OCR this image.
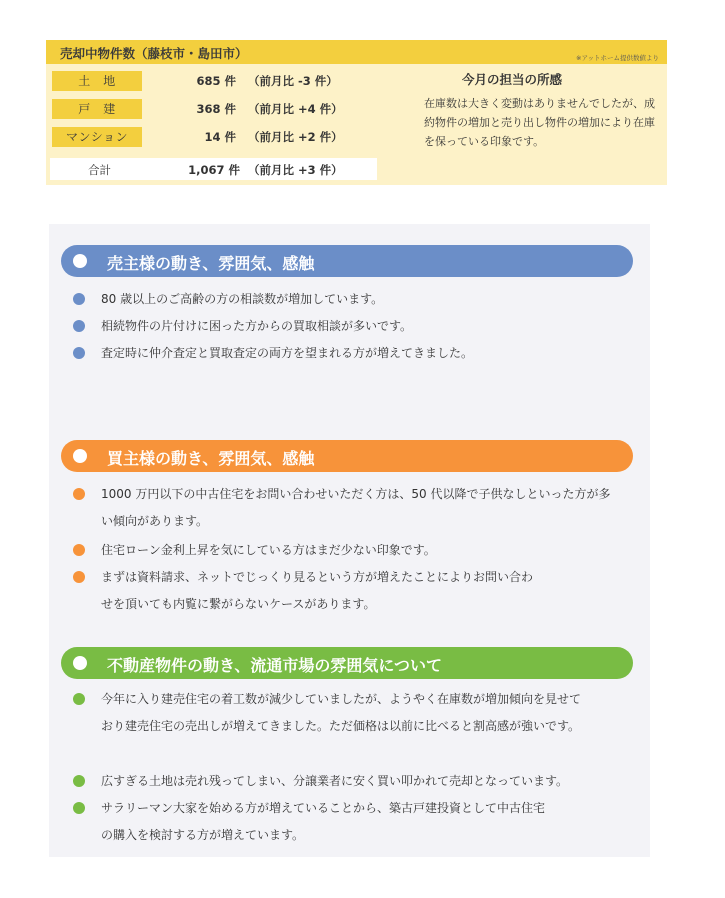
売却中物件数（藤枝市・島田市）	※アットホーム提供数値より
土　地	685 件 （前月比 -3 件）
戸　建	368 件 （前月比 +4 件）
マンション	14 件 （前月比 +2 件）
合計	1,067 件 （前月比 +3 件）
今月の担当の所感
在庫数は大きく変動はありませんでしたが、成約物件の増加と売り出し物件の増加により在庫を保っている印象です。
売主様の動き、雰囲気、感触
80 歳以上のご高齢の方の相談数が増加しています。
相続物件の片付けに困った方からの買取相談が多いです。
査定時に仲介査定と買取査定の両方を望まれる方が増えてきました。
買主様の動き、雰囲気、感触
1000 万円以下の中古住宅をお問い合わせいただく方は、50 代以降で子供なしといった方が多い傾向があります。
住宅ローン金利上昇を気にしている方はまだ少ない印象です。
まずは資料請求、ネットでじっくり見るという方が増えたことによりお問い合わせを頂いても内覧に繋がらないケースがあります。
不動産物件の動き、流通市場の雰囲気について
今年に入り建売住宅の着工数が減少していましたが、ようやく在庫数が増加傾向を見せており建売住宅の売出しが増えてきました。ただ価格は以前に比べると割高感が強いです。
広すぎる土地は売れ残ってしまい、分譲業者に安く買い叩かれて売却となっています。
サラリーマン大家を始める方が増えていることから、築古戸建投資として中古住宅の購入を検討する方が増えています。
